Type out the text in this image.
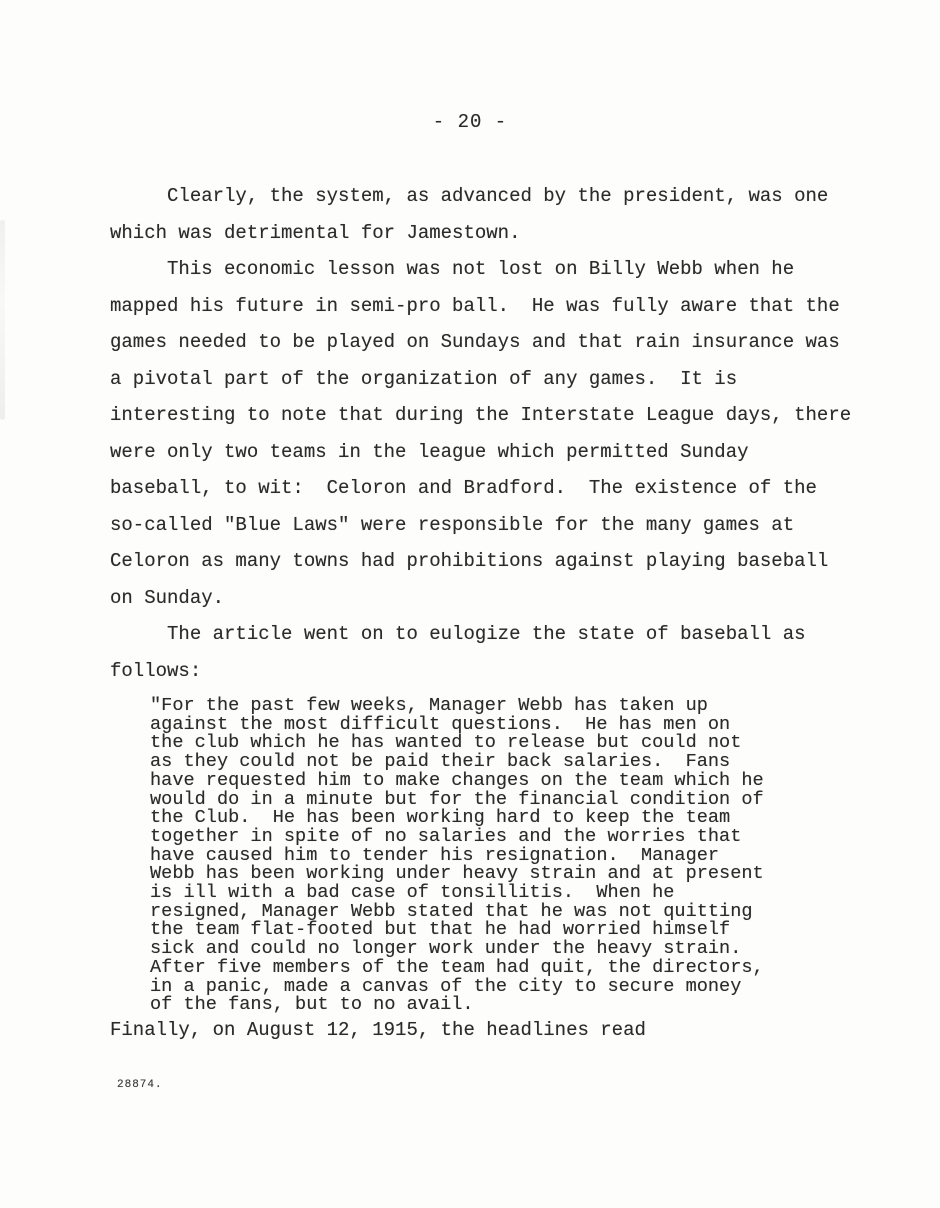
- 20 -
Clearly, the system, as advanced by the president, was one
which was detrimental for Jamestown.
This economic lesson was not lost on Billy Webb when he
mapped his future in semi-pro ball.  He was fully aware that the
games needed to be played on Sundays and that rain insurance was
a pivotal part of the organization of any games.  It is
interesting to note that during the Interstate League days, there
were only two teams in the league which permitted Sunday
baseball, to wit:  Celoron and Bradford.  The existence of the
so-called "Blue Laws" were responsible for the many games at
Celoron as many towns had prohibitions against playing baseball
on Sunday.
The article went on to eulogize the state of baseball as
follows:
"For the past few weeks, Manager Webb has taken up
against the most difficult questions.  He has men on
the club which he has wanted to release but could not
as they could not be paid their back salaries.  Fans
have requested him to make changes on the team which he
would do in a minute but for the financial condition of
the Club.  He has been working hard to keep the team
together in spite of no salaries and the worries that
have caused him to tender his resignation.  Manager
Webb has been working under heavy strain and at present
is ill with a bad case of tonsillitis.  When he
resigned, Manager Webb stated that he was not quitting
the team flat-footed but that he had worried himself
sick and could no longer work under the heavy strain.
After five members of the team had quit, the directors,
in a panic, made a canvas of the city to secure money
of the fans, but to no avail.
Finally, on August 12, 1915, the headlines read
28874.
